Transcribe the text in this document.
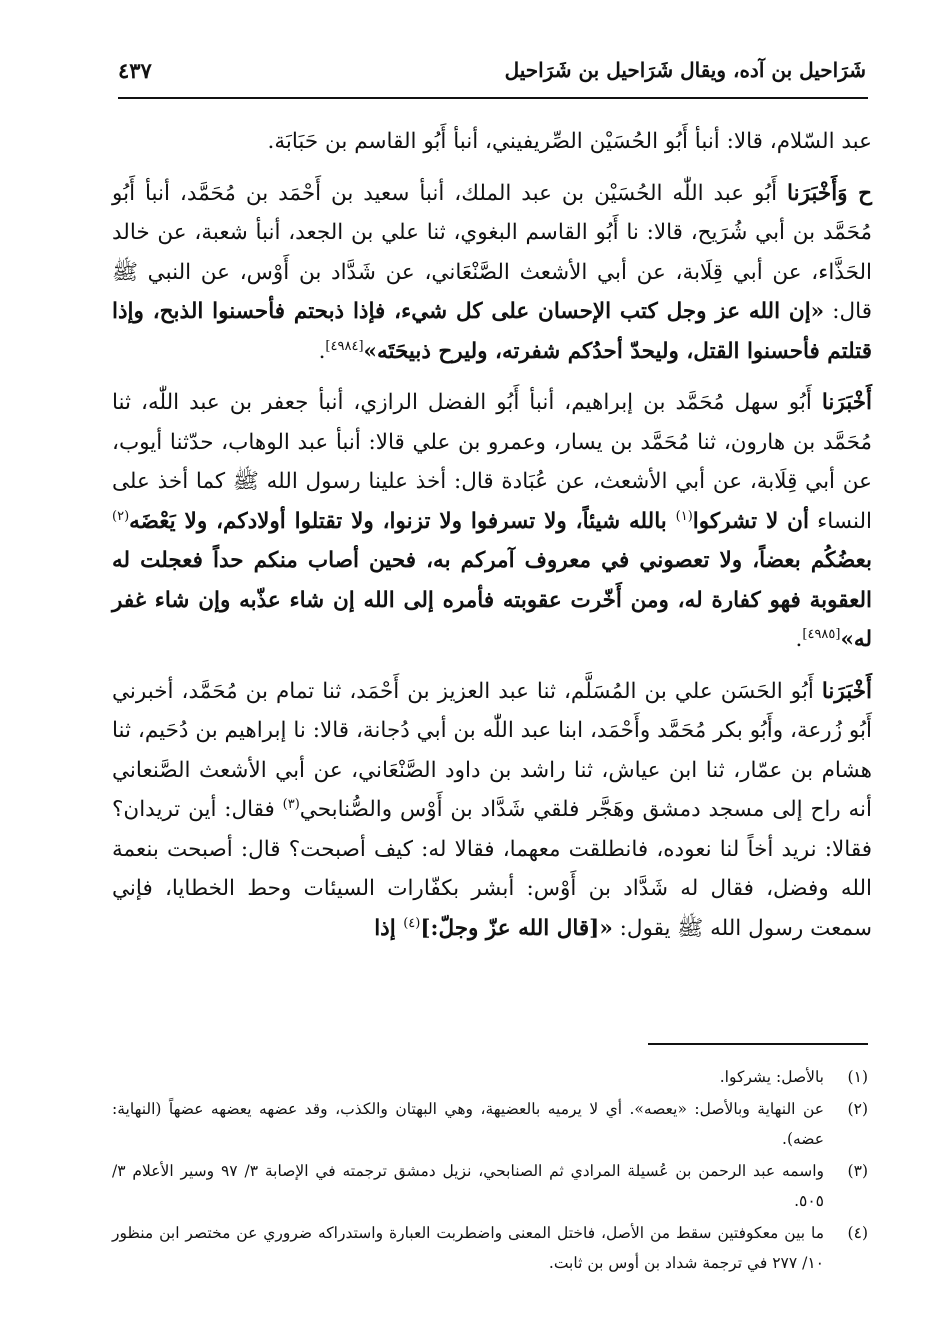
شَرَاحيل بن آده، ويقال شَرَاحيل بن شَرَاحيل
٤٣٧

عبد السّلام، قالا: أنبأ أَبُو الحُسَيْن الصِّريفيني، أنبأ أَبُو القاسم بن حَبَابَة.

ح وَأَخْبَرَنا أَبُو عبد اللّٰه الحُسَيْن بن عبد الملك، أنبأ سعيد بن أَحْمَد بن مُحَمَّد، أنبأ أَبُو مُحَمَّد بن أبي شُرَيح، قالا: نا أَبُو القاسم البغوي، ثنا علي بن الجعد، أنبأ شعبة، عن خالد الحَذَّاء، عن أبي قِلَابة، عن أبي الأشعث الصَّنْعَاني، عن شَدَّاد بن أَوْس، عن النبي ﷺ قال: «إن الله عز وجل كتب الإحسان على كل شيء، فإذا ذبحتم فأحسنوا الذبح، وإذا قتلتم فأحسنوا القتل، وليحدّ أحدُكم شفرته، وليرح ذبيحَتَه»[٤٩٨٤].

أَخْبَرَنا أَبُو سهل مُحَمَّد بن إبراهيم، أنبأ أَبُو الفضل الرازي، أنبأ جعفر بن عبد اللّٰه، ثنا مُحَمَّد بن هارون، ثنا مُحَمَّد بن يسار، وعمرو بن علي قالا: أنبأ عبد الوهاب، حدّثنا أيوب، عن أبي قِلَابة، عن أبي الأشعث، عن عُبَادة قال: أخذ علينا رسول الله ﷺ كما أخذ على النساء أن لا تشركوا$^{(١)}$ بالله شيئاً، ولا تسرفوا ولا تزنوا، ولا تقتلوا أولادكم، ولا يَعْضَه$^{(٢)}$ بعضُكُم بعضاً، ولا تعصوني في معروف آمركم به، فحين أصاب منكم حداً فعجلت له العقوبة فهو كفارة له، ومن أَخّرت عقوبته فأمره إلى الله إن شاء عذّبه وإن شاء غفر له»[٤٩٨٥].

أَخْبَرَنا أَبُو الحَسَن علي بن المُسَلَّم، ثنا عبد العزيز بن أَحْمَد، ثنا تمام بن مُحَمَّد، أخبرني أَبُو زُرعة، وأَبُو بكر مُحَمَّد وأَحْمَد، ابنا عبد اللّٰه بن أبي دُجانة، قالا: نا إبراهيم بن دُحَيم، ثنا هشام بن عمّار، ثنا ابن عياش، ثنا راشد بن داود الصَّنْعَاني، عن أبي الأشعث الصَّنعاني أنه راح إلى مسجد دمشق وهَجَّر فلقي شَدَّاد بن أَوْس والصُّنابحي$^{(٣)}$ فقال: أين تريدان؟ فقالا: نريد أخاً لنا نعوده، فانطلقت معهما، فقالا له: كيف أصبحت؟ قال: أصبحت بنعمة الله وفضل، فقال له شَدَّاد بن أَوْس: أبشر بكفّارات السيئات وحط الخطايا، فإني سمعت رسول الله ﷺ يقول: «[قال الله عزّ وجلّ:]$^{(٤)}$ إذا

(١)
بالأصل: يشركوا.
(٢)
عن النهاية وبالأصل: «يعصه». أي لا يرميه بالعضيهة، وهي البهتان والكذب، وقد عضهه يعضهه عضهاً (النهاية: عضه).
(٣)
واسمه عبد الرحمن بن عُسيلة المرادي ثم الصنابحي، نزيل دمشق ترجمته في الإصابة ٣/ ٩٧ وسير الأعلام ٣/ ٥٠٥.
(٤)
ما بين معكوفتين سقط من الأصل، فاختل المعنى واضطربت العبارة واستدراكه ضروري عن مختصر ابن منظور ١٠/ ٢٧٧ في ترجمة شداد بن أوس بن ثابت.
